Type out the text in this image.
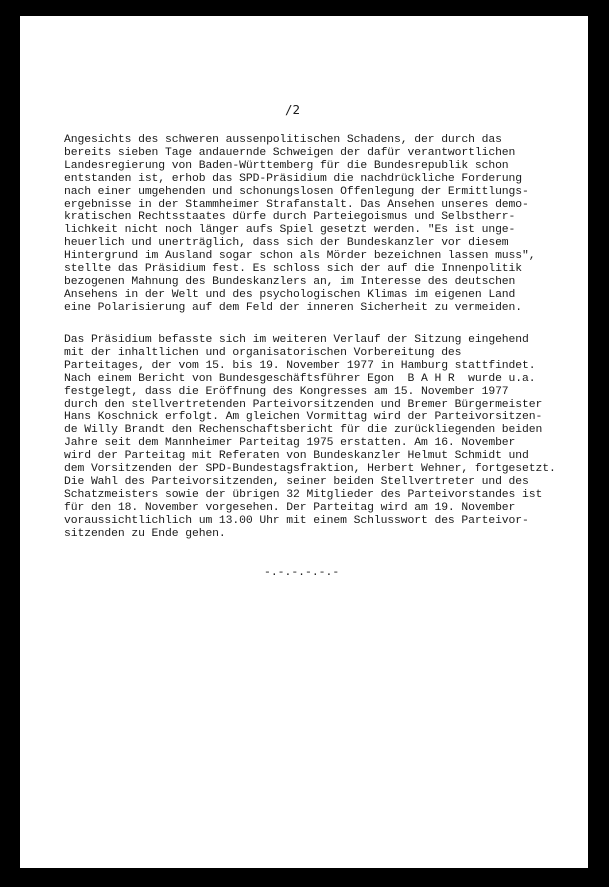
/2
Angesichts des schweren aussenpolitischen Schadens, der durch das
bereits sieben Tage andauernde Schweigen der dafür verantwortlichen
Landesregierung von Baden-Württemberg für die Bundesrepublik schon
entstanden ist, erhob das SPD-Präsidium die nachdrückliche Forderung
nach einer umgehenden und schonungslosen Offenlegung der Ermittlungs-
ergebnisse in der Stammheimer Strafanstalt. Das Ansehen unseres demo-
kratischen Rechtsstaates dürfe durch Parteiegoismus und Selbstherr-
lichkeit nicht noch länger aufs Spiel gesetzt werden. "Es ist unge-
heuerlich und unerträglich, dass sich der Bundeskanzler vor diesem
Hintergrund im Ausland sogar schon als Mörder bezeichnen lassen muss",
stellte das Präsidium fest. Es schloss sich der auf die Innenpolitik
bezogenen Mahnung des Bundeskanzlers an, im Interesse des deutschen
Ansehens in der Welt und des psychologischen Klimas im eigenen Land
eine Polarisierung auf dem Feld der inneren Sicherheit zu vermeiden.
Das Präsidium befasste sich im weiteren Verlauf der Sitzung eingehend
mit der inhaltlichen und organisatorischen Vorbereitung des
Parteitages, der vom 15. bis 19. November 1977 in Hamburg stattfindet.
Nach einem Bericht von Bundesgeschäftsführer Egon  B A H R  wurde u.a.
festgelegt, dass die Eröffnung des Kongresses am 15. November 1977
durch den stellvertretenden Parteivorsitzenden und Bremer Bürgermeister
Hans Koschnick erfolgt. Am gleichen Vormittag wird der Parteivorsitzen-
de Willy Brandt den Rechenschaftsbericht für die zurückliegenden beiden
Jahre seit dem Mannheimer Parteitag 1975 erstatten. Am 16. November
wird der Parteitag mit Referaten von Bundeskanzler Helmut Schmidt und
dem Vorsitzenden der SPD-Bundestagsfraktion, Herbert Wehner, fortgesetzt.
Die Wahl des Parteivorsitzenden, seiner beiden Stellvertreter und des
Schatzmeisters sowie der übrigen 32 Mitglieder des Parteivorstandes ist
für den 18. November vorgesehen. Der Parteitag wird am 19. November
voraussichtlichlich um 13.00 Uhr mit einem Schlusswort des Parteivor-
sitzenden zu Ende gehen.
-.-.-.-.-.-
